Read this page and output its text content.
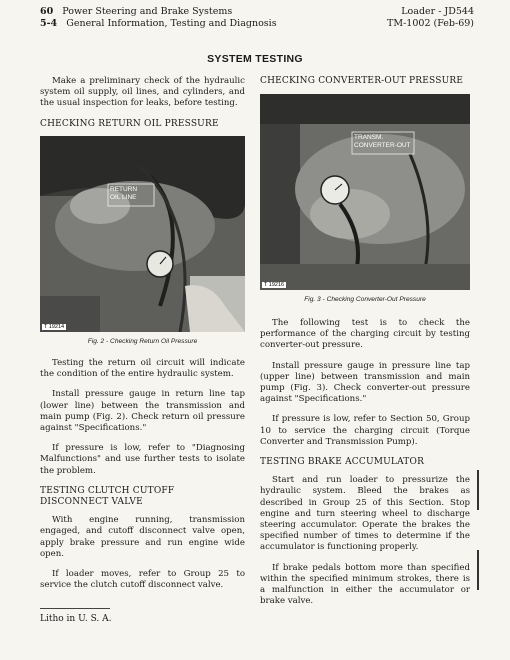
60 Power Steering and Brake Systems
5-4 General Information, Testing and Diagnosis
Loader - JD544
TM-1002 (Feb-69)
SYSTEM TESTING

Make a preliminary check of the hydraulic system oil supply, oil lines, and cylinders, and the usual inspection for leaks, before testing.

CHECKING RETURN OIL PRESSURE
RETURN
OIL LINE
T 19214
Fig. 2 - Checking Return Oil Pressure

Testing the return oil circuit will indicate the condition of the entire hydraulic system.

Install pressure gauge in return line tap (lower line) between the transmission and main pump (Fig. 2). Check return oil pressure against "Specifications."

If pressure is low, refer to "Diagnosing Malfunctions" and use further tests to isolate the problem.

TESTING CLUTCH CUTOFF DISCONNECT VALVE

With engine running, transmission engaged, and cutoff disconnect valve open, apply brake pressure and run engine wide open.

If loader moves, refer to Group 25 to service the clutch cutoff disconnect valve.

CHECKING CONVERTER-OUT PRESSURE
TRANSM.
CONVERTER-OUT
T 19216
Fig. 3 - Checking Converter-Out Pressure

The following test is to check the performance of the charging circuit by testing converter-out pressure.

Install pressure gauge in pressure line tap (upper line) between transmission and main pump (Fig. 3). Check converter-out pressure against "Specifications."

If pressure is low, refer to Section 50, Group 10 to service the charging circuit (Torque Converter and Transmission Pump).

TESTING BRAKE ACCUMULATOR

Start and run loader to pressurize the hydraulic system. Bleed the brakes as described in Group 25 of this Section. Stop engine and turn steering wheel to discharge steering accumulator. Operate the brakes the specified number of times to determine if the accumulator is functioning properly.

If brake pedals bottom more than specified within the specified minimum strokes, there is a malfunction in either the accumulator or brake valve.

Litho in U. S. A.
